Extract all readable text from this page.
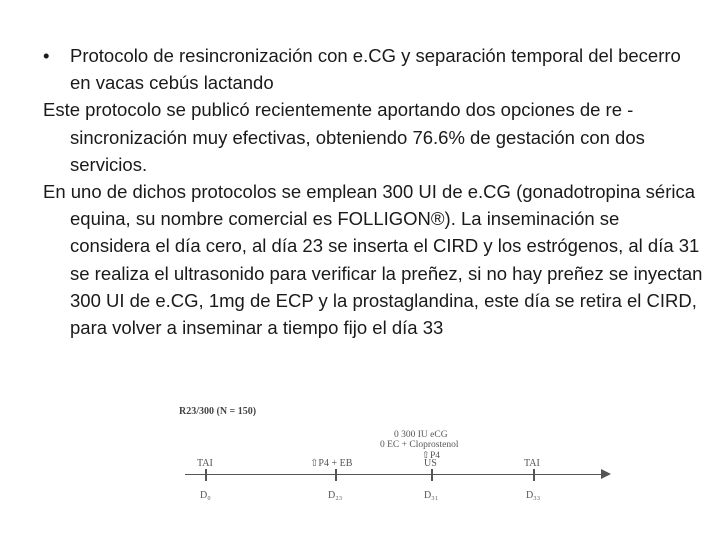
• Protocolo de resincronización con e.CG y separación temporal del becerro en vacas cebús lactando

Este protocolo se publicó recientemente aportando dos opciones de re -sincronización muy efectivas, obteniendo 76.6% de gestación con dos servicios.

En uno de dichos protocolos se emplean 300 UI de e.CG (gonadotropina sérica equina, su nombre comercial es FOLLIGON®). La inseminación se considera el día cero, al día 23 se inserta el CIRD y los estrógenos, al día 31 se realiza el ultrasonido para verificar la preñez, si no hay preñez se inyectan 300 UI de e.CG, 1mg de ECP y la prostaglandina, este día se retira el CIRD, para volver a inseminar a tiempo fijo el día 33

R23/300 (N = 150)
0 300 IU eCG
0 EC + Cloprostenol
⇧P4
TAI	⇧P4 + EB	US	TAI
D₀	D₂₃	D₃₁	D₃₃
